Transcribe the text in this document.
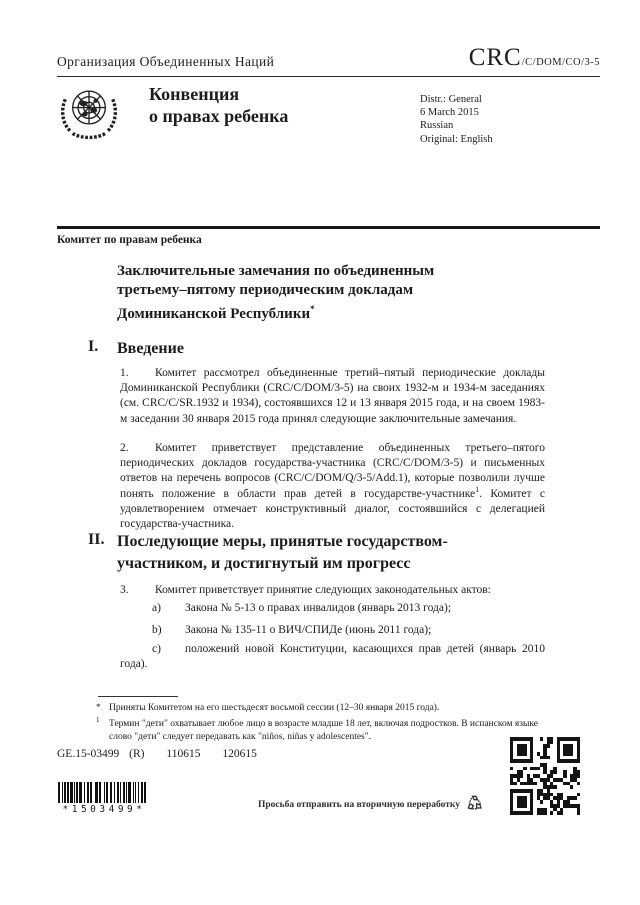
Организация Объединенных Наций	CRC/C/DOM/CO/3-5
Конвенция
о правах ребенка
Distr.: General
6 March 2015
Russian
Original: English
Комитет по правам ребенка
Заключительные замечания по объединенным третьему–пятому периодическим докладам Доминиканской Республики*
I. Введение
1. Комитет рассмотрел объединенные третий–пятый периодические доклады Доминиканской Республики (CRC/C/DOM/3-5) на своих 1932-м и 1934-м заседаниях (см. CRC/C/SR.1932 и 1934), состоявшихся 12 и 13 января 2015 года, и на своем 1983-м заседании 30 января 2015 года принял следующие заключительные замечания.
2. Комитет приветствует представление объединенных третьего–пятого периодических докладов государства-участника (CRC/C/DOM/3-5) и письменных ответов на перечень вопросов (CRC/C/DOM/Q/3-5/Add.1), которые позволили лучше понять положение в области прав детей в государстве-участнике$^1$. Комитет с удовлетворением отмечает конструктивный диалог, состоявшийся с делегацией государства-участника.
II. Последующие меры, принятые государством-участником, и достигнутый им прогресс
3. Комитет приветствует принятие следующих законодательных актов:
a) Закона № 5-13 о правах инвалидов (январь 2013 года);
b) Закона № 135-11 о ВИЧ/СПИДе (июнь 2011 года);
c) положений новой Конституции, касающихся прав детей (январь 2010 года).
* Приняты Комитетом на его шестьдесят восьмой сессии (12–30 января 2015 года).
1 Термин "дети" охватывает любое лицо в возрасте младше 18 лет, включая подростков. В испанском языке слово "дети" следует передавать как "niños, niñas y adolescentes".
GE.15-03499 (R) 110615 120615
*1503499*	Просьба отправить на вторичную переработку
